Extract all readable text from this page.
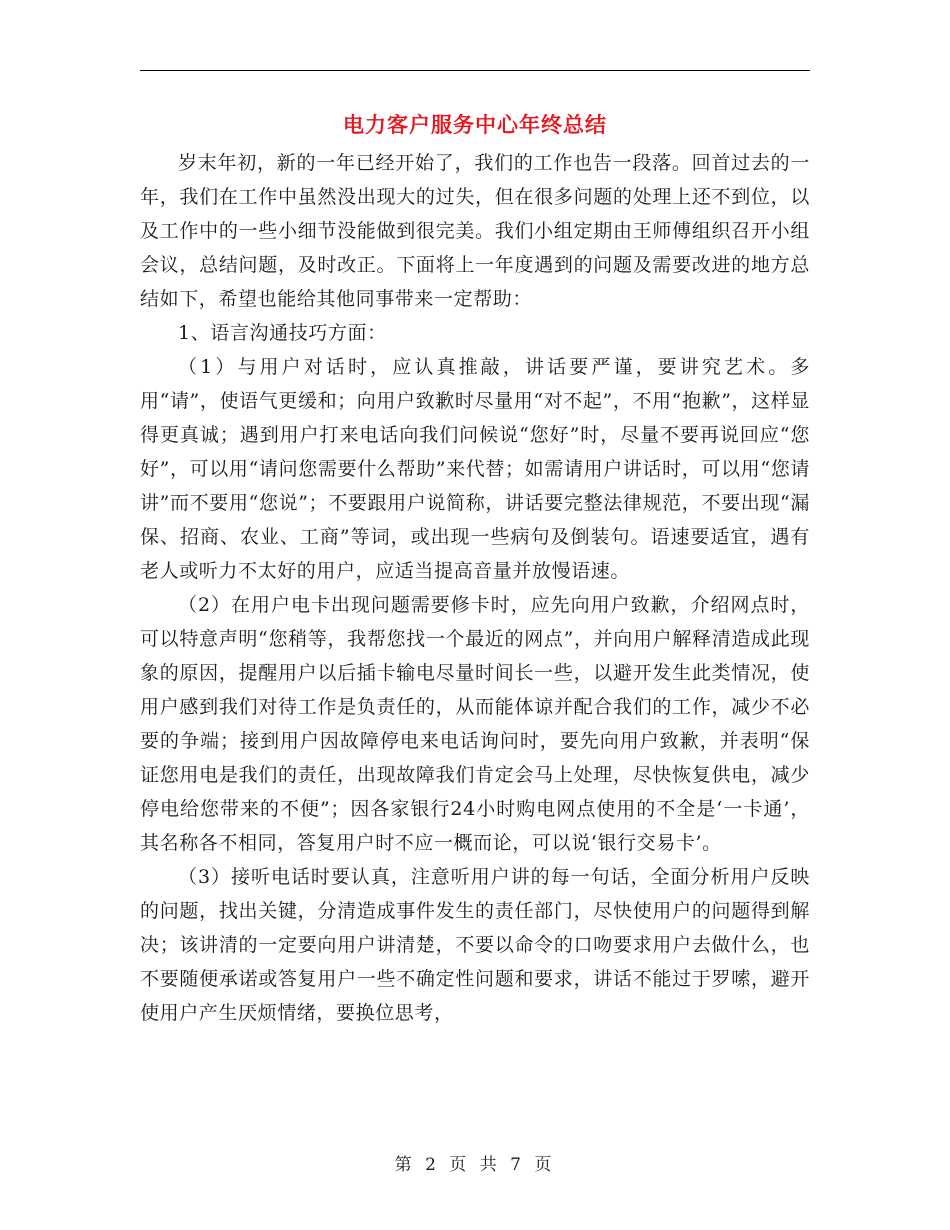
电力客户服务中心年终总结

岁末年初，新的一年已经开始了，我们的工作也告一段落。回首过去的一年，我们在工作中虽然没出现大的过失，但在很多问题的处理上还不到位，以及工作中的一些小细节没能做到很完美。我们小组定期由王师傅组织召开小组会议，总结问题，及时改正。下面将上一年度遇到的问题及需要改进的地方总结如下，希望也能给其他同事带来一定帮助：

1、语言沟通技巧方面：

（1）与用户对话时，应认真推敲，讲话要严谨，要讲究艺术。多用“请”，使语气更缓和；向用户致歉时尽量用“对不起”，不用“抱歉”，这样显得更真诚；遇到用户打来电话向我们问候说“您好”时，尽量不要再说回应“您好”，可以用“请问您需要什么帮助”来代替；如需请用户讲话时，可以用“您请讲”而不要用“您说”；不要跟用户说简称，讲话要完整法律规范，不要出现“漏保、招商、农业、工商”等词，或出现一些病句及倒装句。语速要适宜，遇有老人或听力不太好的用户，应适当提高音量并放慢语速。

（2）在用户电卡出现问题需要修卡时，应先向用户致歉，介绍网点时，可以特意声明“您稍等，我帮您找一个最近的网点”，并向用户解释清造成此现象的原因，提醒用户以后插卡输电尽量时间长一些，以避开发生此类情况，使用户感到我们对待工作是负责任的，从而能体谅并配合我们的工作，减少不必要的争端；接到用户因故障停电来电话询问时，要先向用户致歉，并表明“保证您用电是我们的责任，出现故障我们肯定会马上处理，尽快恢复供电，减少停电给您带来的不便”；因各家银行24小时购电网点使用的不全是‘一卡通’，其名称各不相同，答复用户时不应一概而论，可以说‘银行交易卡’。

（3）接听电话时要认真，注意听用户讲的每一句话，全面分析用户反映的问题，找出关键，分清造成事件发生的责任部门，尽快使用户的问题得到解决；该讲清的一定要向用户讲清楚，不要以命令的口吻要求用户去做什么，也不要随便承诺或答复用户一些不确定性问题和要求，讲话不能过于罗嗦，避开使用户产生厌烦情绪，要换位思考，

第 2 页 共 7 页
